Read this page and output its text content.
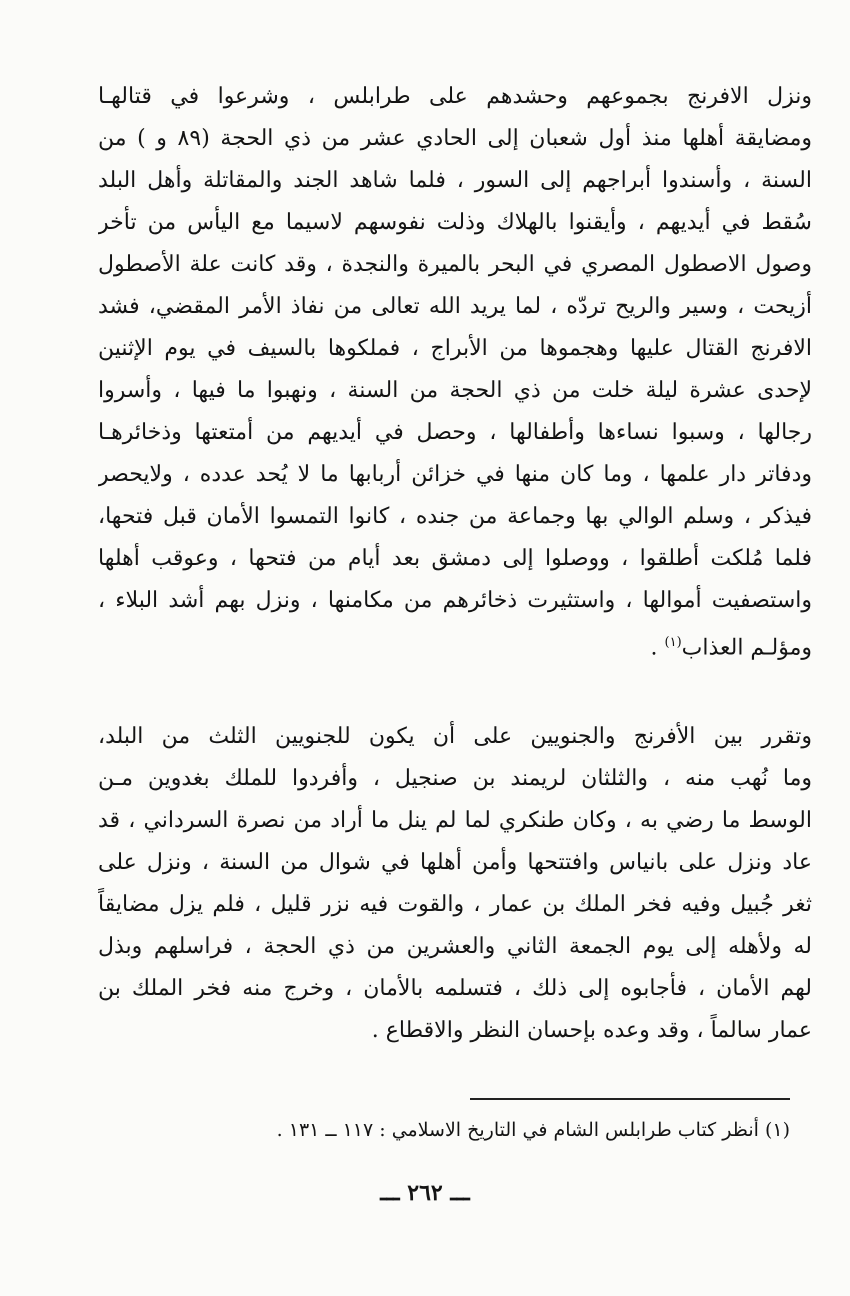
ونزل الافرنج بجموعهم وحشدهم على طرابلس ، وشرعوا في قتالهـا
ومضايقة أهلها منذ أول شعبان إلى الحادي عشر من ذي الحجة (٨٩ و ) من
السنة ، وأسندوا أبراجهم إلى السور ، فلما شاهد الجند والمقاتلة وأهل البلد
سُقط في أيديهم ، وأيقنوا بالهلاك وذلت نفوسهم لاسيما مع اليأس من تأخر
وصول الاصطول المصري في البحر بالميرة والنجدة ، وقد كانت علة الأصطول
أزيحت ، وسير والريح تردّه ، لما يريد الله تعالى من نفاذ الأمر المقضي، فشد
الافرنج القتال عليها وهجموها من الأبراج ، فملكوها بالسيف في يوم الإثنين
لإحدى عشرة ليلة خلت من ذي الحجة من السنة ، ونهبوا ما فيها ، وأسروا
رجالها ، وسبوا نساءها وأطفالها ، وحصل في أيديهم من أمتعتها وذخائرهـا
ودفاتر دار علمها ، وما كان منها في خزائن أربابها ما لا يُحد عدده ، ولايحصر
فيذكر ، وسلم الوالي بها وجماعة من جنده ، كانوا التمسوا الأمان قبل فتحها،
فلما مُلكت أطلقوا ، ووصلوا إلى دمشق بعد أيام من فتحها ، وعوقب أهلها
واستصفيت أموالها ، واستثيرت ذخائرهم من مكامنها ، ونزل بهم أشد البلاء ،
ومؤلـم العذاب$^{(١)}$ .
وتقرر بين الأفرنج والجنويين على أن يكون للجنويين الثلث من البلد،
وما نُهب منه ، والثلثان لريمند بن صنجيل ، وأفردوا للملك بغدوين مـن
الوسط ما رضي به ، وكان طنكري لما لم ينل ما أراد من نصرة السرداني ، قد
عاد ونزل على بانياس وافتتحها وأمن أهلها في شوال من السنة ، ونزل على
ثغر جُبيل وفيه فخر الملك بن عمار ، والقوت فيه نزر قليل ، فلم يزل مضايقاً
له ولأهله إلى يوم الجمعة الثاني والعشرين من ذي الحجة ، فراسلهم وبذل
لهم الأمان ، فأجابوه إلى ذلك ، فتسلمه بالأمان ، وخرج منه فخر الملك بن
عمار سالماً ، وقد وعده بإحسان النظر والاقطاع .
(١) أنظر كتاب طرابلس الشام في التاريخ الاسلامي : ١١٧ ــ ١٣١ .
ـــ ٢٦٢ ـــ
